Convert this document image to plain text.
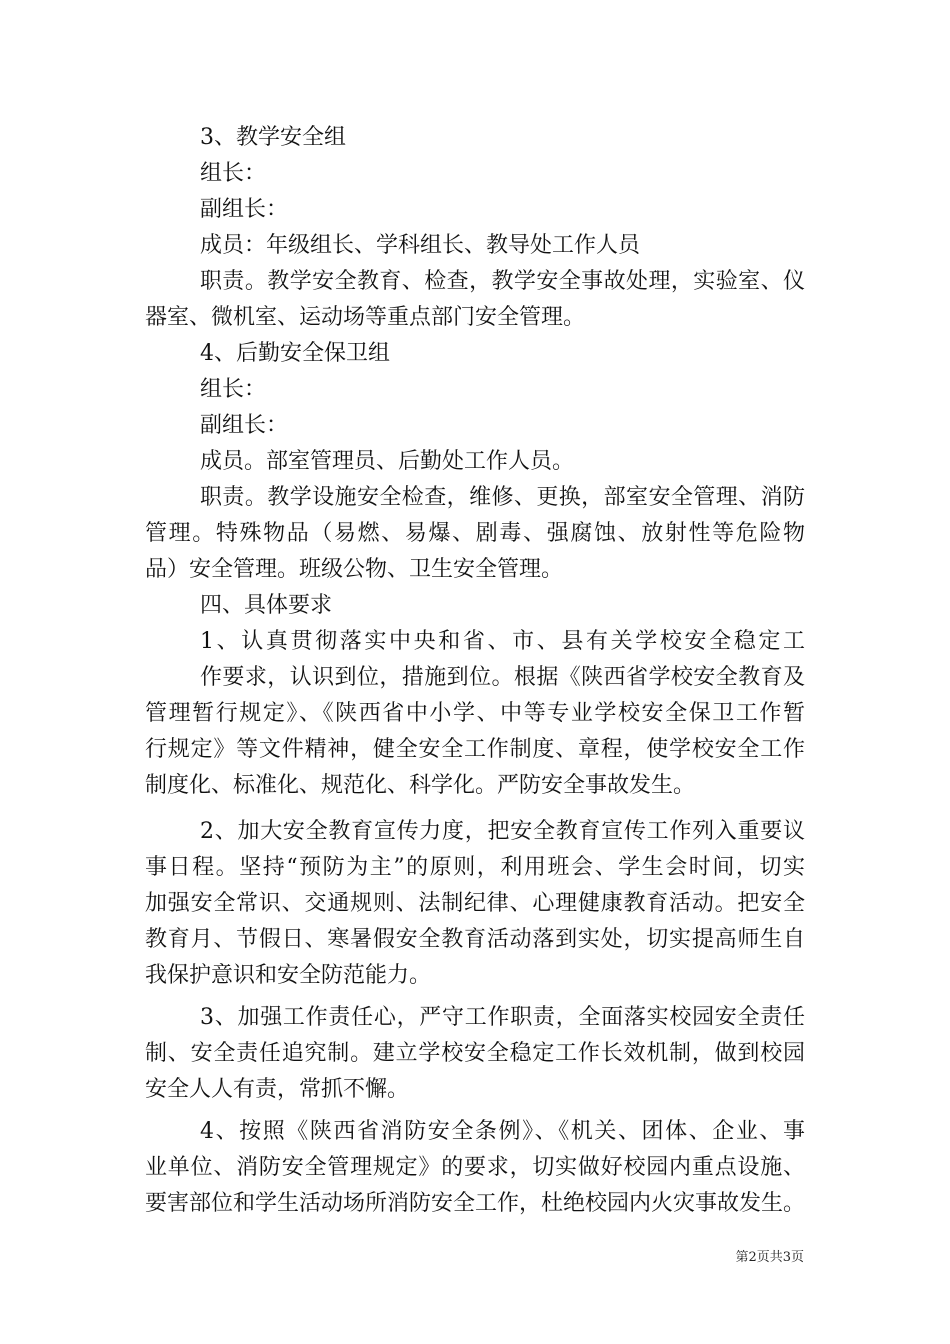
3、教学安全组
组长：
副组长：
成员：年级组长、学科组长、教导处工作人员
职责。教学安全教育、检查，教学安全事故处理，实验室、仪
器室、微机室、运动场等重点部门安全管理。
4、后勤安全保卫组
组长：
副组长：
成员。部室管理员、后勤处工作人员。
职责。教学设施安全检查，维修、更换，部室安全管理、消防
管理。特殊物品（易燃、易爆、剧毒、强腐蚀、放射性等危险物
品）安全管理。班级公物、卫生安全管理。
四、具体要求
1、认真贯彻落实中央和省、市、县有关学校安全稳定工
作要求，认识到位，措施到位。根据《陕西省学校安全教育及
管理暂行规定》、《陕西省中小学、中等专业学校安全保卫工作暂
行规定》等文件精神，健全安全工作制度、章程，使学校安全工作
制度化、标准化、规范化、科学化。严防安全事故发生。
2、加大安全教育宣传力度，把安全教育宣传工作列入重要议
事日程。坚持“预防为主”的原则，利用班会、学生会时间，切实
加强安全常识、交通规则、法制纪律、心理健康教育活动。把安全
教育月、节假日、寒暑假安全教育活动落到实处，切实提高师生自
我保护意识和安全防范能力。
3、加强工作责任心，严守工作职责，全面落实校园安全责任
制、安全责任追究制。建立学校安全稳定工作长效机制，做到校园
安全人人有责，常抓不懈。
4、按照《陕西省消防安全条例》、《机关、团体、企业、事
业单位、消防安全管理规定》的要求，切实做好校园内重点设施、
要害部位和学生活动场所消防安全工作，杜绝校园内火灾事故发生。
第2页共3页
